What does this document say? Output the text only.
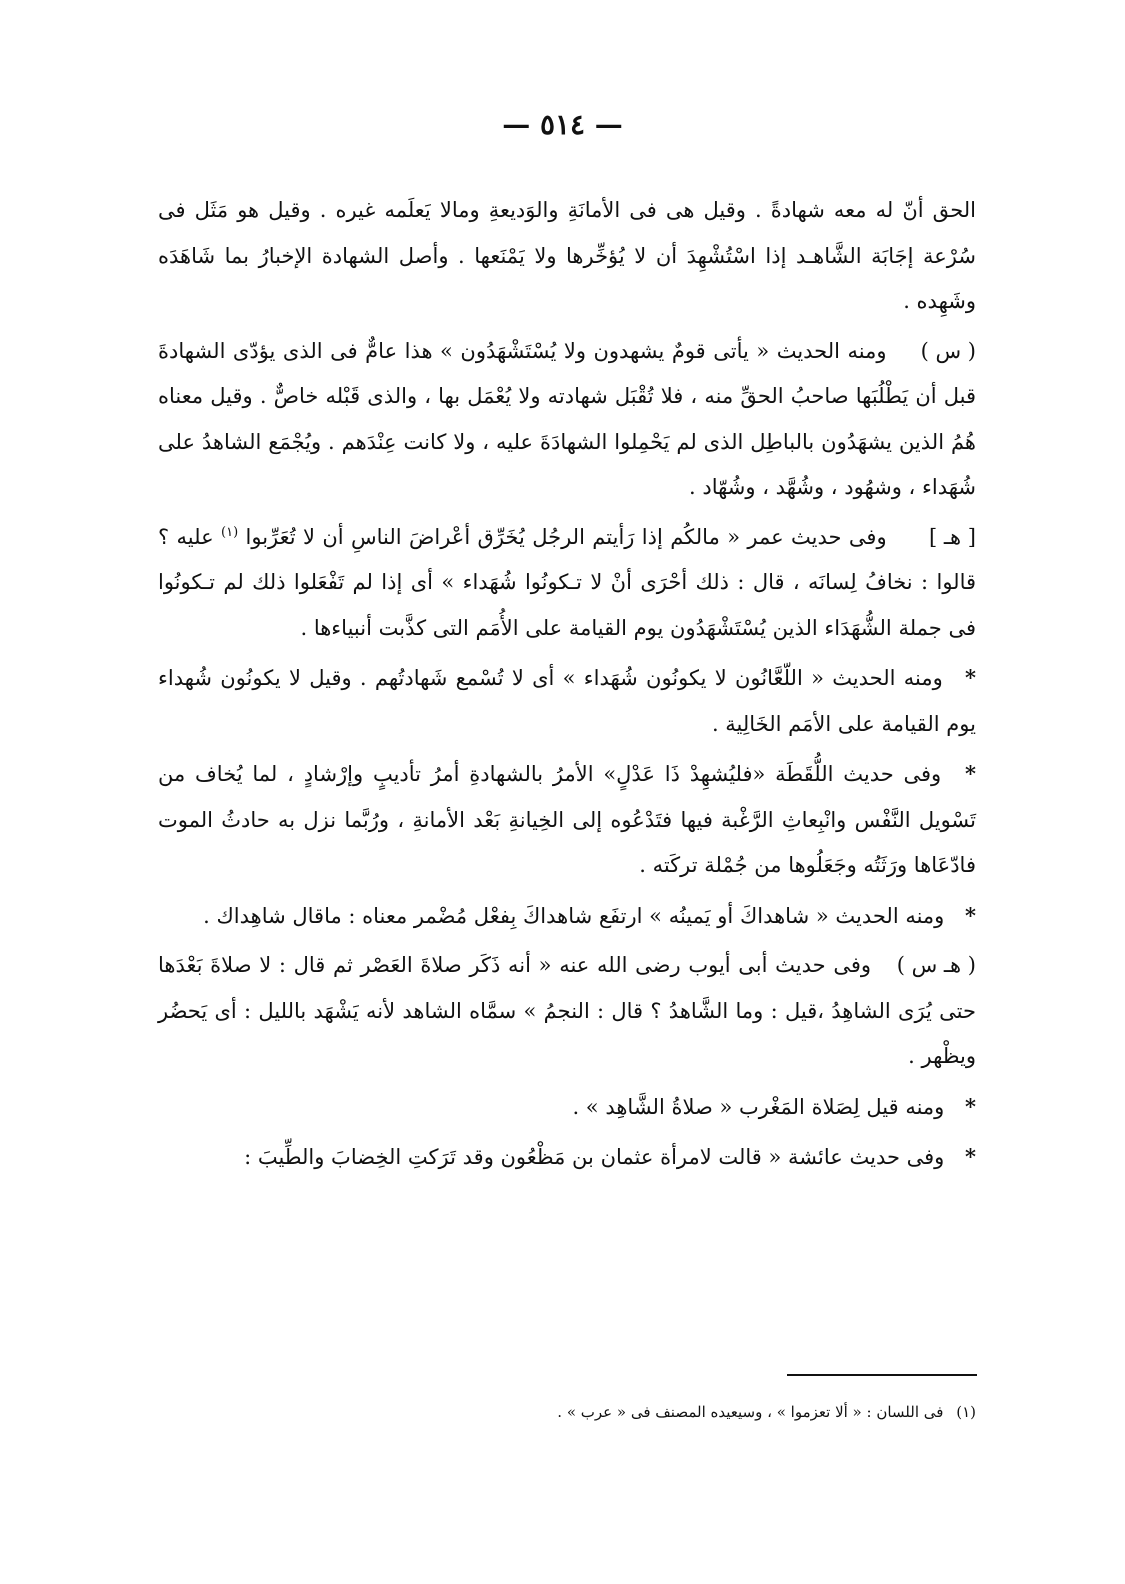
— ٥١٤ —

الحق أنّ له معه شهادةً . وقيل هى فى الأمانَةِ والوَديعةِ ومالا يَعلَمه غيره . وقيل هو مَثَل فى سُرْعة إجَابَة الشَّاهـد إذا اسْتُشْهِدَ أن لا يُؤخِّرها ولا يَمْنَعها . وأصل الشهادة الإخبارُ بما شَاهَدَه وشَهِده .

( س ) ومنه الحديث « يأتى قومٌ يشهدون ولا يُسْتَشْهَدُون » هذا عامٌّ فى الذى يؤدّى الشهادةَ قبل أن يَطْلُبَها صاحبُ الحقِّ منه ، فلا تُقْبَل شهادته ولا يُعْمَل بها ، والذى قَبْله خاصٌّ . وقيل معناه هُمُ الذين يشهَدُون بالباطِل الذى لم يَحْمِلوا الشهادَةَ عليه ، ولا كانت عِنْدَهم . ويُجْمَع الشاهدُ على شُهَداء ، وشهُود ، وشُهَّد ، وشُهّاد .

[ هـ ] وفى حديث عمر « مالكُم إذا رَأيتم الرجُل يُخَرِّق أعْراضَ الناسِ أن لا تُعَرِّبوا $^{(١)}$ عليه ؟ قالوا : نخافُ لِسانَه ، قال : ذلك أحْرَى أنْ لا تـكونُوا شُهَداء » أى إذا لم تَفْعَلوا ذلك لم تـكونُوا فى جملة الشُّهَدَاء الذين يُسْتَشْهَدُون يوم القيامة على الأُمَم التى كذَّبت أنبياءها .

* ومنه الحديث « اللّعَّانُون لا يكونُون شُهَداء » أى لا تُسْمع شَهادتُهم . وقيل لا يكونُون شُهداء يوم القيامة على الأمَم الخَالِية .

* وفى حديث اللُّقَطَة «فليُشهِدْ ذَا عَدْلٍ» الأمرُ بالشهادةِ أمرُ تأديبٍ وإرْشادٍ ، لما يُخاف من تَسْويل النَّفْس وانْبِعاثِ الرَّغْبة فيها فتَدْعُوه إلى الخِيانةِ بَعْد الأمانةِ ، ورُبَّما نزل به حادثُ الموت فادّعَاها ورَثَتُه وجَعَلُوها من جُمْلة تركَته .

* ومنه الحديث « شاهداكَ أو يَمينُه » ارتفَع شاهداكَ بِفعْل مُضْمر معناه : ماقال شاهِداك .

( هـ س ) وفى حديث أبى أيوب رضى الله عنه « أنه ذَكَر صلاةَ العَصْر ثم قال : لا صلاةَ بَعْدَها حتى يُرَى الشاهِدُ ،قيل : وما الشَّاهدُ ؟ قال : النجمُ » سمَّاه الشاهد لأنه يَشْهَد بالليل : أى يَحضُر ويظْهر .

* ومنه قيل لِصَلاة المَغْرب « صلاةُ الشَّاهِد » .

* وفى حديث عائشة « قالت لامرأة عثمان بن مَظْعُون وقد تَرَكتِ الخِضابَ والطِّيبَ :

(١) فى اللسان : « ألا تعزموا » ، وسيعيده المصنف فى « عرب » .
